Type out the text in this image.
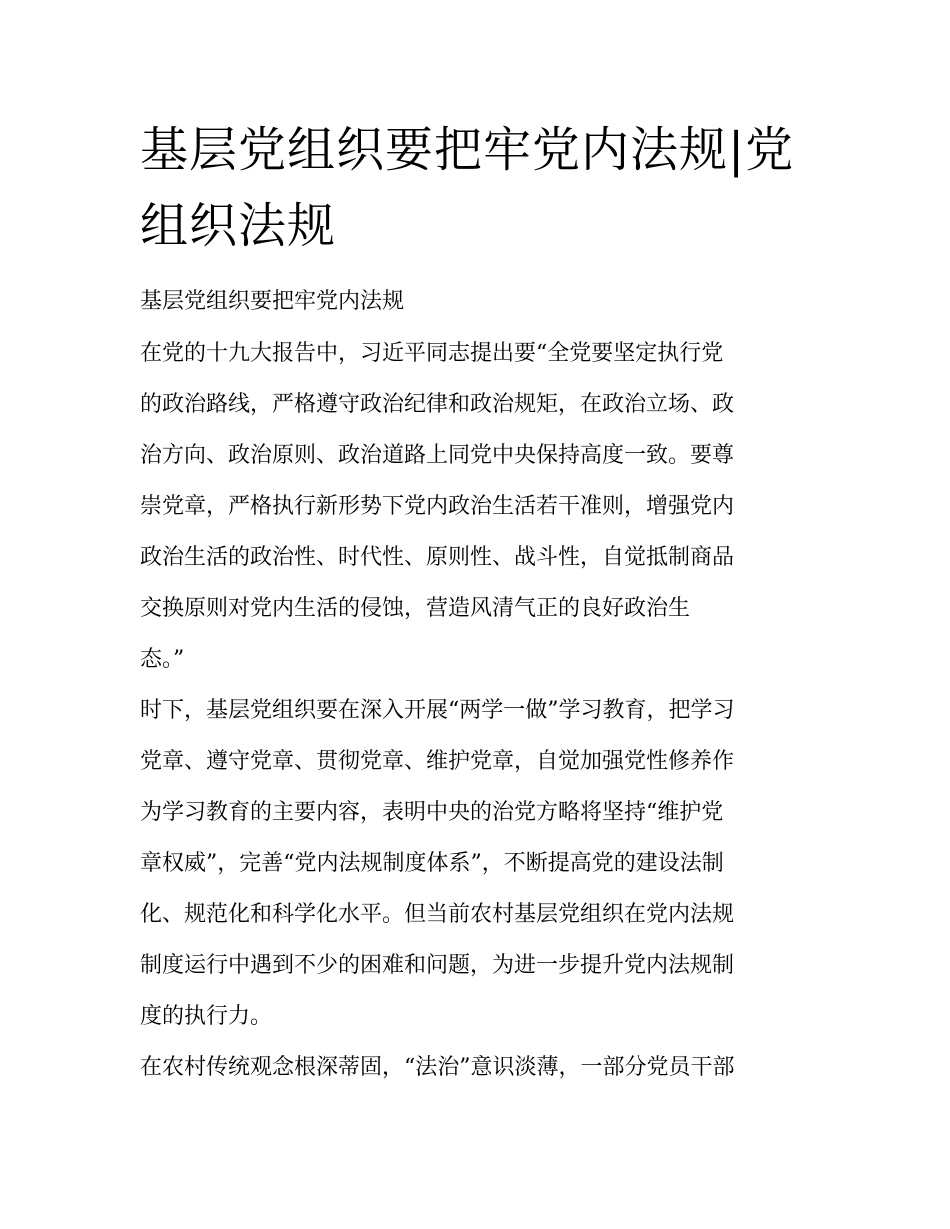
基层党组织要把牢党内法规|党
组织法规

基层党组织要把牢党内法规

在党的十九大报告中，习近平同志提出要“全党要坚定执行党
的政治路线，严格遵守政治纪律和政治规矩，在政治立场、政
治方向、政治原则、政治道路上同党中央保持高度一致。要尊
崇党章，严格执行新形势下党内政治生活若干准则，增强党内
政治生活的政治性、时代性、原则性、战斗性，自觉抵制商品
交换原则对党内生活的侵蚀，营造风清气正的良好政治生
态。”

时下，基层党组织要在深入开展“两学一做”学习教育，把学习
党章、遵守党章、贯彻党章、维护党章，自觉加强党性修养作
为学习教育的主要内容，表明中央的治党方略将坚持“维护党
章权威”，完善“党内法规制度体系”，不断提高党的建设法制
化、规范化和科学化水平。但当前农村基层党组织在党内法规
制度运行中遇到不少的困难和问题，为进一步提升党内法规制
度的执行力。

在农村传统观念根深蒂固，“法治”意识淡薄，一部分党员干部
